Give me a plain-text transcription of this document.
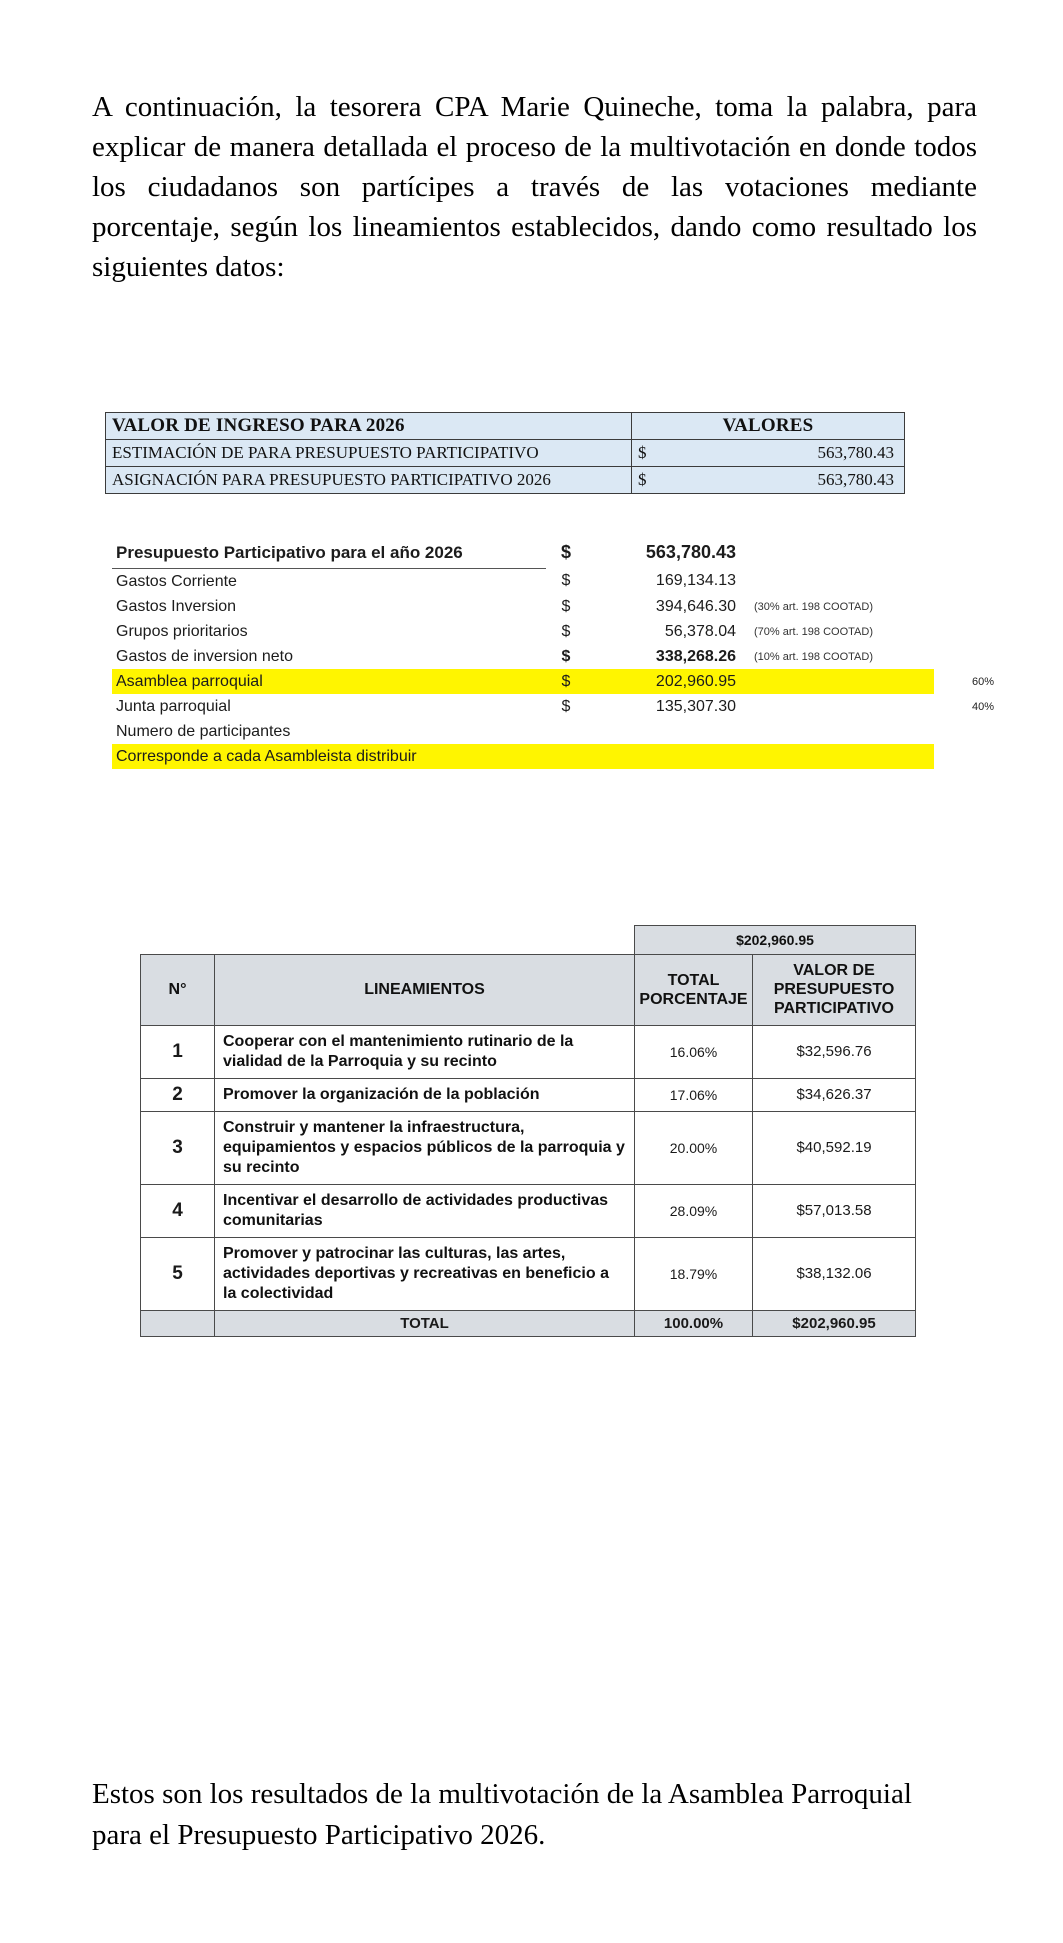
A continuación, la tesorera CPA Marie Quineche, toma la palabra, para explicar de manera detallada el proceso de la multivotación en donde todos los ciudadanos son partícipes a través de las votaciones mediante porcentaje, según los lineamientos establecidos, dando como resultado los siguientes datos:

VALOR DE INGRESO PARA 2026	VALORES	
ESTIMACIÓN DE PARA PRESUPUESTO PARTICIPATIVO	$	563,780.43
ASIGNACIÓN PARA PRESUPUESTO PARTICIPATIVO 2026	$	563,780.43
Presupuesto Participativo para el año 2026	$	563,780.43		
Gastos Corriente	$	169,134.13		
Gastos Inversion	$	394,646.30	(30% art. 198 COOTAD)	
Grupos prioritarios	$	56,378.04	(70% art. 198 COOTAD)	
Gastos de inversion neto	$	338,268.26	(10% art. 198 COOTAD)	
Asamblea parroquial	$	202,960.95		60%
Junta parroquial	$	135,307.30		40%
Numero de participantes				
Corresponde a cada Asambleista distribuir				
		$202,960.95	
N°	LINEAMIENTOS	TOTAL PORCENTAJE	VALOR DE PRESUPUESTO PARTICIPATIVO
1	Cooperar con el mantenimiento rutinario de la vialidad de la Parroquia y su recinto	16.06%	$32,596.76
2	Promover la organización de la población	17.06%	$34,626.37
3	Construir y mantener la infraestructura, equipamientos y espacios públicos de la parroquia y su recinto	20.00%	$40,592.19
4	Incentivar el desarrollo de actividades productivas comunitarias	28.09%	$57,013.58
5	Promover y patrocinar las culturas, las artes, actividades deportivas y recreativas en beneficio a la colectividad	18.79%	$38,132.06
	TOTAL	100.00%	$202,960.95

Estos son los resultados de la multivotación de la Asamblea Parroquial para el Presupuesto Participativo 2026.
